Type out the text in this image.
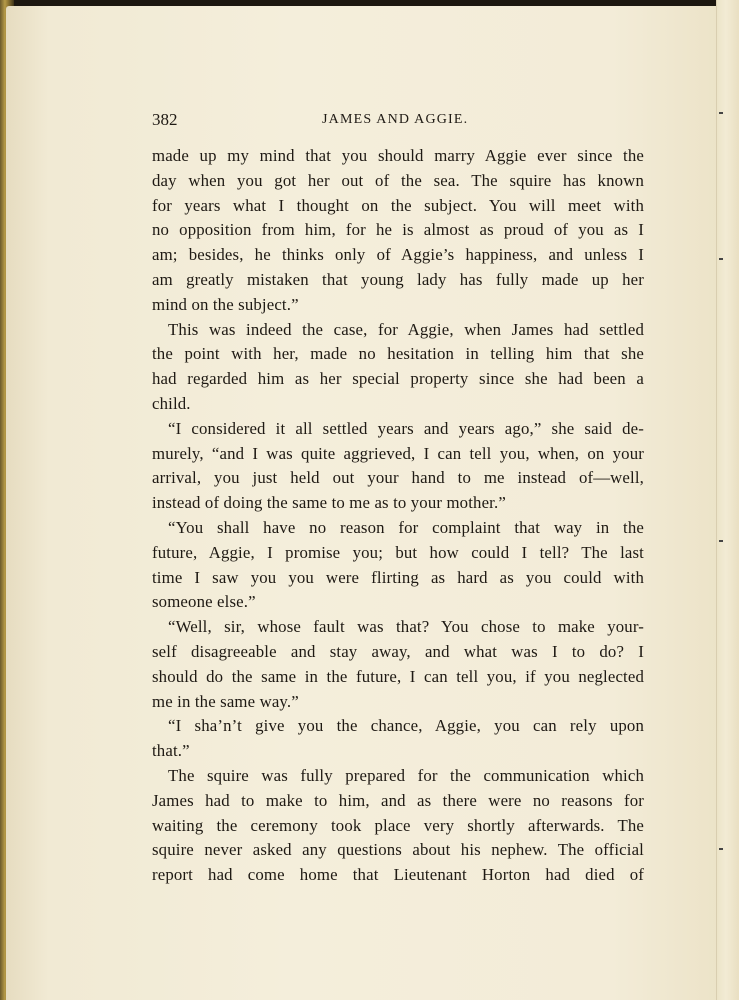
382	JAMES AND AGGIE.
made up my mind that you should marry Aggie ever since the
day when you got her out of the sea. The squire has known
for years what I thought on the subject. You will meet with
no opposition from him, for he is almost as proud of you as I
am; besides, he thinks only of Aggie’s happiness, and unless I
am greatly mistaken that young lady has fully made up her
mind on the subject.”
This was indeed the case, for Aggie, when James had settled
the point with her, made no hesitation in telling him that she
had regarded him as her special property since she had been a
child.
“I considered it all settled years and years ago,” she said de-
murely, “and I was quite aggrieved, I can tell you, when, on your
arrival, you just held out your hand to me instead of—well,
instead of doing the same to me as to your mother.”
“You shall have no reason for complaint that way in the
future, Aggie, I promise you; but how could I tell? The last
time I saw you you were flirting as hard as you could with
someone else.”
“Well, sir, whose fault was that? You chose to make your-
self disagreeable and stay away, and what was I to do? I
should do the same in the future, I can tell you, if you neglected
me in the same way.”
“I sha’n’t give you the chance, Aggie, you can rely upon
that.”
The squire was fully prepared for the communication which
James had to make to him, and as there were no reasons for
waiting the ceremony took place very shortly afterwards. The
squire never asked any questions about his nephew. The official
report had come home that Lieutenant Horton had died of
